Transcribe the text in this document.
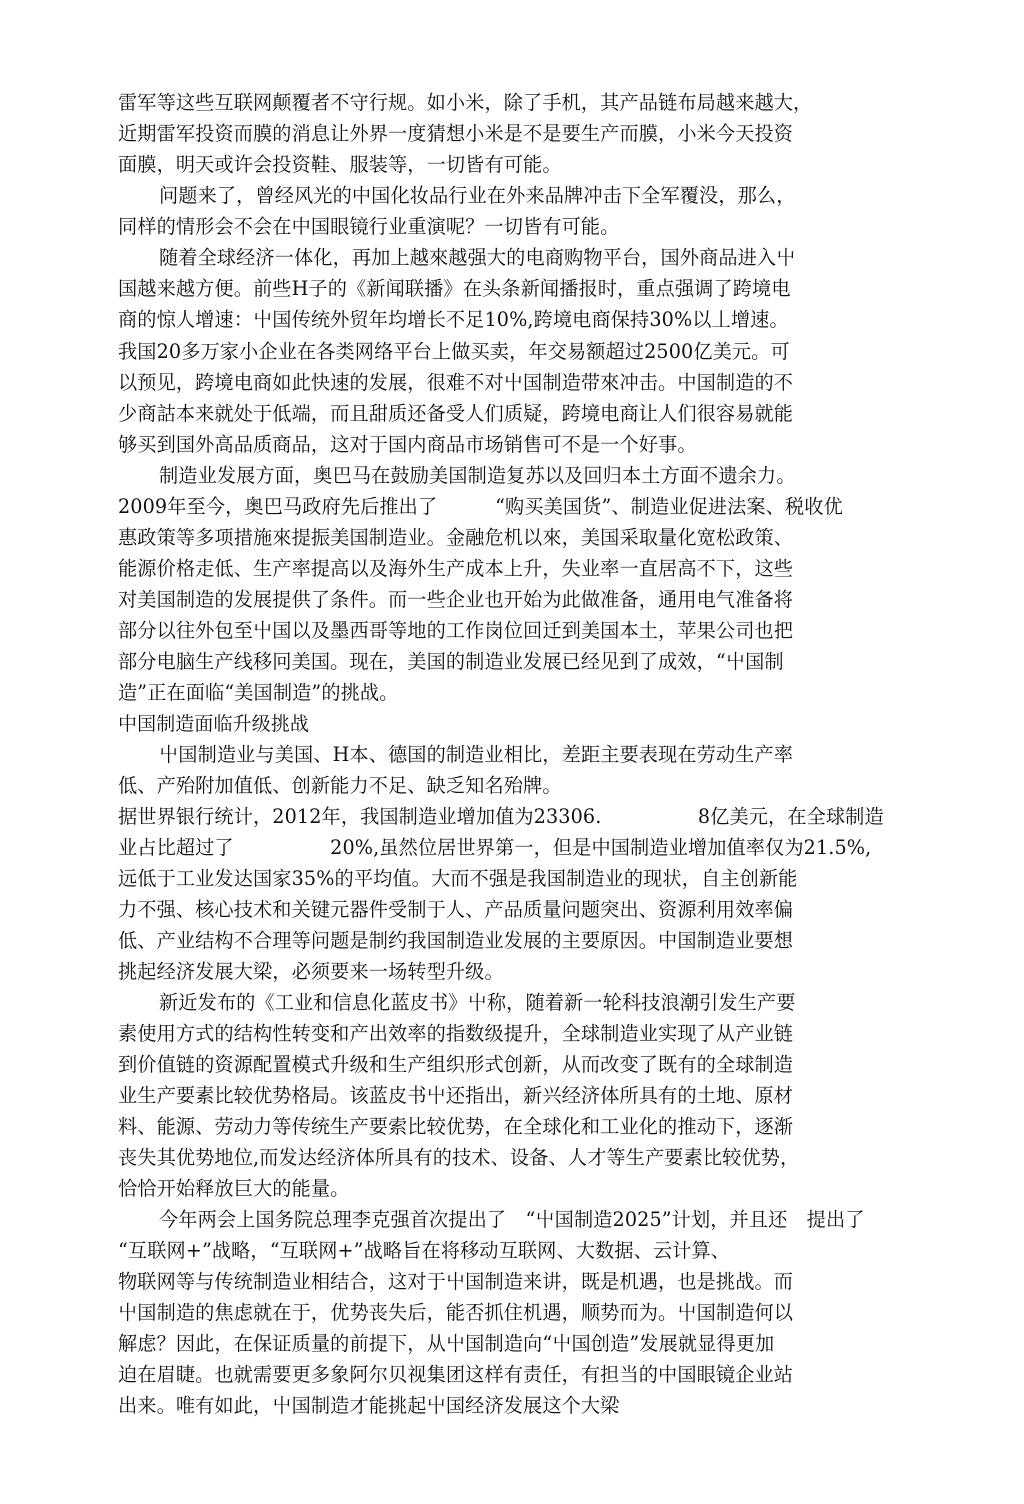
雷军等这些互联网颠覆者不守行规。如小米，除了手机，其产品链布局越来越大，
近期雷军投资而膜的消息让外界一度猜想小米是不是要生产而膜，小米今天投资
面膜，明天或许会投资鞋、服装等，一切皆有可能。
问题来了，曾经风光的中国化妆品行业在外来品牌冲击下全军覆没，那么，
同样的情形会不会在中国眼镜行业重演呢？一切皆有可能。
随着全球经济一体化，再加上越來越强大的电商购物平台，国外商品进入屮
国越来越方便。前些H子的《新闻联播》在头条新闻播报时，重点强调了跨境电
商的惊人增速：屮国传统外贸年均增长不足10%,跨境电商保持30%以丄增速。
我国20多万家小企业在各类网络平台上做买卖，年交易额超过2500亿美元。可
以预见，跨境电商如此快速的发展，很难不对屮国制造带來冲击。中国制造的不
少商詁本来就处于低端，而且甜质还备受人们质疑，跨境电商让人们很容易就能
够买到国外高品质商品，这对于国内商品市场销售可不是一个好事。
制造业发展方面，奥巴马在鼓励美国制造复苏以及回归本土方面不遗余力。
2009年至今，奥巴马政府先后推出了　　　“购买美国货”、制造业促进法案、税收优
惠政策等多项措施來提振美国制造业。金融危机以來，美国采取量化宽松政策、
能源价格走低、生产率提高以及海外生产成本上升，失业率一直居高不下，这些
对美国制造的发展提供了条件。而一些企业也开始为此做准备，通用电气准备将
部分以往外包至屮国以及墨西哥等地的工作岗位回迁到美国本土，苹果公司也把
部分电脑生产线移冋美国。现在，美国的制造业发展已经见到了成效，“屮国制
造”正在面临“美国制造”的挑战。
中国制造面临升级挑战
屮国制造业与美国、H本、德国的制造业相比，差距主要表现在劳动生产率
低、产殆附加值低、创新能力不足、缺乏知名殆牌。
据世界银行统计，2012年，我国制造业增加值为23306.　　　　　8亿美元，在全球制造
业占比超过了　　　　　20%,虽然位居世界第一，但是中国制造业增加值率仅为21.5%,
远低于工业发达国家35%的平均值。大而不强是我国制造业的现状，自主创新能
力不强、核心技术和关键元器件受制于人、产品质量问题突出、资源利用效率偏
低、产业结构不合理等问题是制约我国制造业发展的主要原因。中国制造业要想
挑起经济发展大梁，必须要来一场转型升级。
新近发布的《工业和信息化蓝皮书》屮称，随着新一轮科技浪潮引发生产要
素使用方式的结构性转变和产出效率的指数级提升，全球制造业实现了从产业链
到价值链的资源配置模式升级和生产组织形式创新，从而改变了既有的全球制造
业生产要素比较优势格局。该蓝皮书屮还指出，新兴经济体所具有的土地、原材
料、能源、劳动力等传统生产要索比较优势，在全球化和工业化的推动下，逐渐
丧失其优势地位,而发达经济体所具有的技术、设备、人才等生产要素比较优势，
恰恰开始释放巨大的能量。
今年两会上国务院总理李克强首次提出了　“屮国制造2025”计划，并且还　提出了
“互联网+”战略，“互联网+”战略旨在将移动互联网、大数据、云计算、
物联网等与传统制造业相结合，这对于屮国制造来讲，既是机遇，也是挑战。而
屮国制造的焦虑就在于，优势丧失后，能否抓住机遇，顺势而为。屮国制造何以
解虑？因此，在保证质量的前提下，从屮国制造向“屮国创造”发展就显得更加
迫在眉睫。也就需要更多象阿尔贝视集团这样有责任，有担当的中国眼镜企业站
出来。唯有如此，屮国制造才能挑起屮国经济发展这个大梁
